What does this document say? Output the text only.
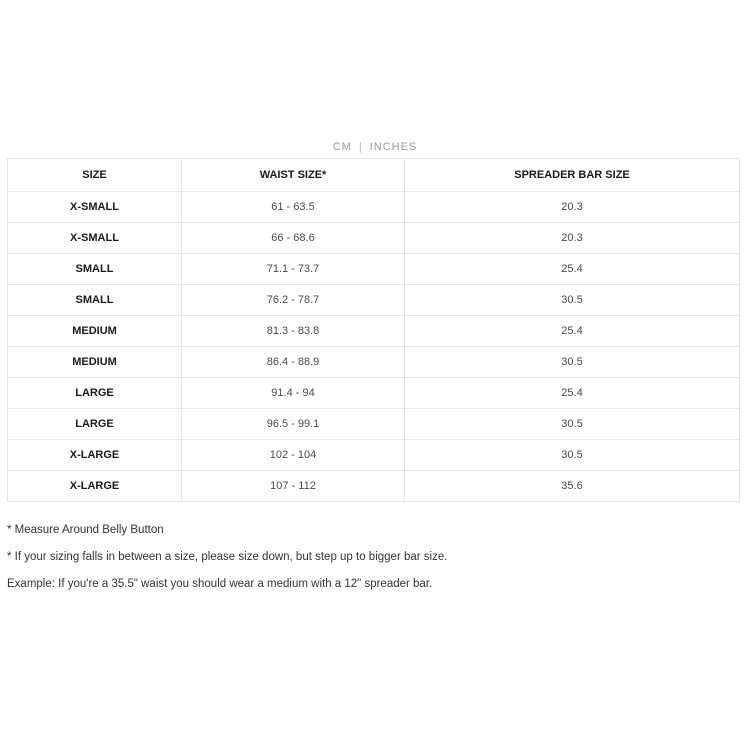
CM | INCHES
SIZE	WAIST SIZE*	SPREADER BAR SIZE
X-SMALL	61 - 63.5	20.3
X-SMALL	66 - 68.6	20.3
SMALL	71.1 - 73.7	25.4
SMALL	76.2 - 78.7	30.5
MEDIUM	81.3 - 83.8	25.4
MEDIUM	86.4 - 88.9	30.5
LARGE	91.4 - 94	25.4
LARGE	96.5 - 99.1	30.5
X-LARGE	102 - 104	30.5
X-LARGE	107 - 112	35.6

* Measure Around Belly Button

* If your sizing falls in between a size, please size down, but step up to bigger bar size.

Example: If you're a 35.5" waist you should wear a medium with a 12" spreader bar.
